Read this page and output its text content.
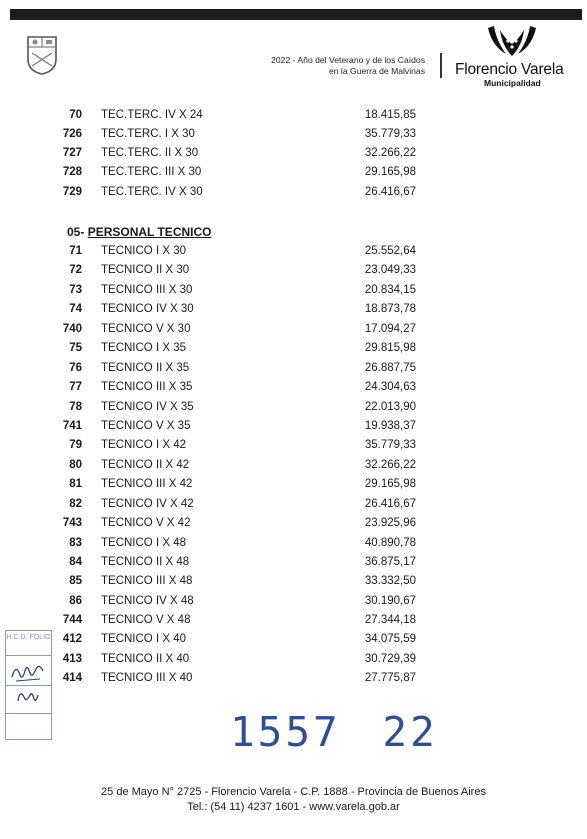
2022 - Año del Veterano y de los Caídos
en la Guerra de Malvinas Florencio Varela
Municipalidad
70 TEC.TERC. IV X 24	18.415,85
726 TEC.TERC. I X 30	35.779,33
727 TEC.TERC. II X 30	32.266,22
728 TEC.TERC. III X 30	29.165,98
729 TEC.TERC. IV X 30	26.416,67
05- PERSONAL TECNICO
71 TECNICO I X 30	25.552,64
72 TECNICO II X 30	23.049,33
73 TECNICO III X 30	20.834,15
74 TECNICO IV X 30	18.873,78
740 TECNICO V X 30	17.094,27
75 TECNICO I X 35	29.815,98
76 TECNICO II X 35	26.887,75
77 TECNICO III X 35	24.304,63
78 TECNICO IV X 35	22.013,90
741 TECNICO V X 35	19.938,37
79 TECNICO I X 42	35.779,33
80 TECNICO II X 42	32.266,22
81 TECNICO III X 42	29.165,98
82 TECNICO IV X 42	26.416,67
743 TECNICO V X 42	23.925,96
83 TECNICO I X 48	40.890,78
84 TECNICO II X 48	36.875,17
85 TECNICO III X 48	33.332,50
86 TECNICO IV X 48	30.190,67
744 TECNICO V X 48	27.344,18
412 TECNICO I X 40	34.075,59
413 TECNICO II X 40	30.729,39
414 TECNICO III X 40	27.775,87
H.C.D. FOLIO
1557 22
25 de Mayo N° 2725 - Florencio Varela - C.P. 1888 - Provincia de Buenos Aires
Tel.: (54 11) 4237 1601 - www.varela.gob.ar
